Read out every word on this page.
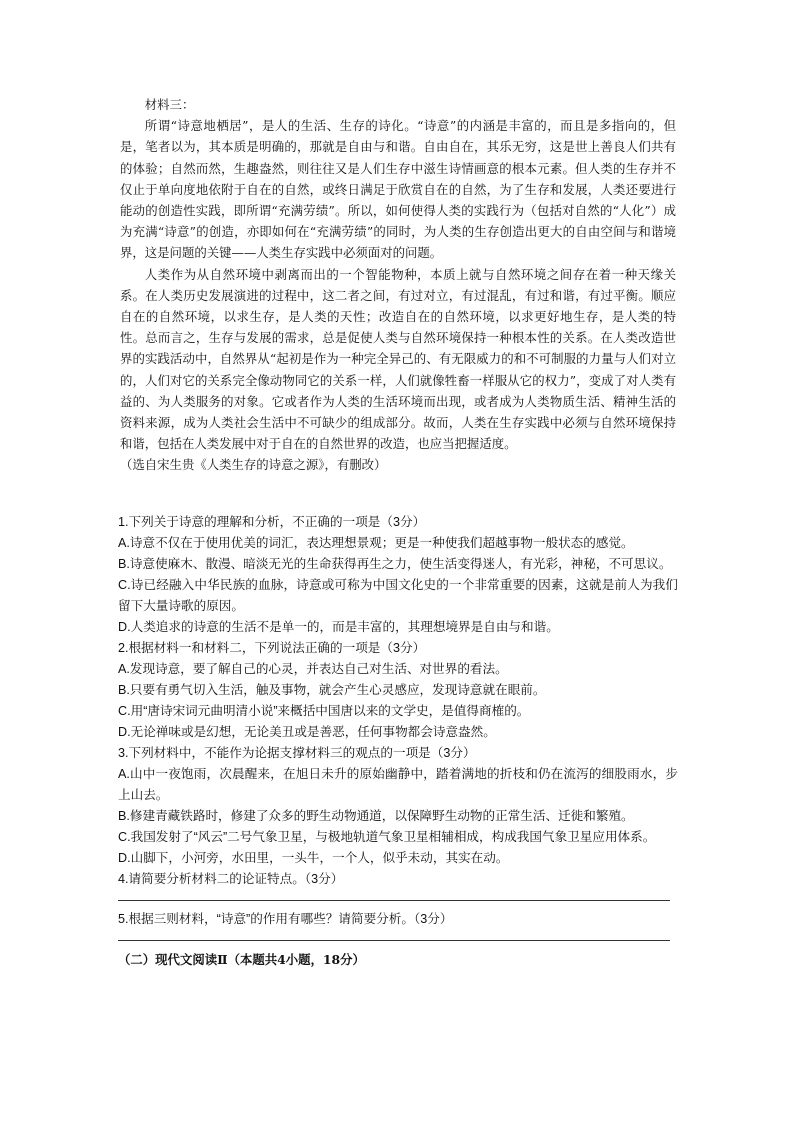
材料三：

所谓“诗意地栖居”，是人的生活、生存的诗化。“诗意”的内涵是丰富的，而且是多指向的，但是，笔者以为，其本质是明确的，那就是自由与和谐。自由自在，其乐无穷，这是世上善良人们共有的体验；自然而然，生趣盎然，则往往又是人们生存中滋生诗情画意的根本元素。但人类的生存并不仅止于单向度地依附于自在的自然，或终日满足于欣赏自在的自然，为了生存和发展，人类还要进行能动的创造性实践，即所谓“充满劳绩”。所以，如何使得人类的实践行为（包括对自然的“人化”）成为充满“诗意”的创造，亦即如何在“充满劳绩”的同时，为人类的生存创造出更大的自由空间与和谐境界，这是问题的关键——人类生存实践中必须面对的问题。

人类作为从自然环境中剥离而出的一个智能物种，本质上就与自然环境之间存在着一种天缘关系。在人类历史发展演进的过程中，这二者之间，有过对立，有过混乱，有过和谐，有过平衡。顺应自在的自然环境，以求生存，是人类的天性；改造自在的自然环境，以求更好地生存，是人类的特性。总而言之，生存与发展的需求，总是促使人类与自然环境保持一种根本性的关系。在人类改造世界的实践活动中，自然界从“起初是作为一种完全异己的、有无限威力的和不可制服的力量与人们对立的，人们对它的关系完全像动物同它的关系一样，人们就像牲畜一样服从它的权力”，变成了对人类有益的、为人类服务的对象。它或者作为人类的生活环境而出现，或者成为人类物质生活、精神生活的资料来源，成为人类社会生活中不可缺少的组成部分。故而，人类在生存实践中必须与自然环境保持和谐，包括在人类发展中对于自在的自然世界的改造，也应当把握适度。

（选自宋生贵《人类生存的诗意之源》，有删改）

1.下列关于诗意的理解和分析，不正确的一项是（3分）

A.诗意不仅在于使用优美的词汇，表达理想景观；更是一种使我们超越事物一般状态的感觉。

B.诗意使麻木、散漫、暗淡无光的生命获得再生之力，使生活变得迷人，有光彩，神秘，不可思议。

C.诗已经融入中华民族的血脉，诗意或可称为中国文化史的一个非常重要的因素，这就是前人为我们留下大量诗歌的原因。

D.人类追求的诗意的生活不是单一的，而是丰富的，其理想境界是自由与和谐。

2.根据材料一和材料二，下列说法正确的一项是（3分）

A.发现诗意，要了解自己的心灵，并表达自己对生活、对世界的看法。

B.只要有勇气切入生活，触及事物，就会产生心灵感应，发现诗意就在眼前。

C.用“唐诗宋词元曲明清小说”来概括中国唐以来的文学史，是值得商榷的。

D.无论禅味或是幻想，无论美丑或是善恶，任何事物都会诗意盎然。

3.下列材料中，不能作为论据支撑材料三的观点的一项是（3分）

A.山中一夜饱雨，次晨醒来，在旭日未升的原始幽静中，踏着满地的折枝和仍在流泻的细股雨水，步上山去。

B.修建青藏铁路时，修建了众多的野生动物通道，以保障野生动物的正常生活、迁徙和繁殖。

C.我国发射了“风云”二号气象卫星，与极地轨道气象卫星相辅相成，构成我国气象卫星应用体系。

D.山脚下，小河旁，水田里，一头牛，一个人，似乎未动，其实在动。

4.请简要分析材料二的论证特点。（3分）

5.根据三则材料，“诗意”的作用有哪些？请简要分析。（3分）

（二）现代文阅读Ⅱ（本题共4小题，18分）
